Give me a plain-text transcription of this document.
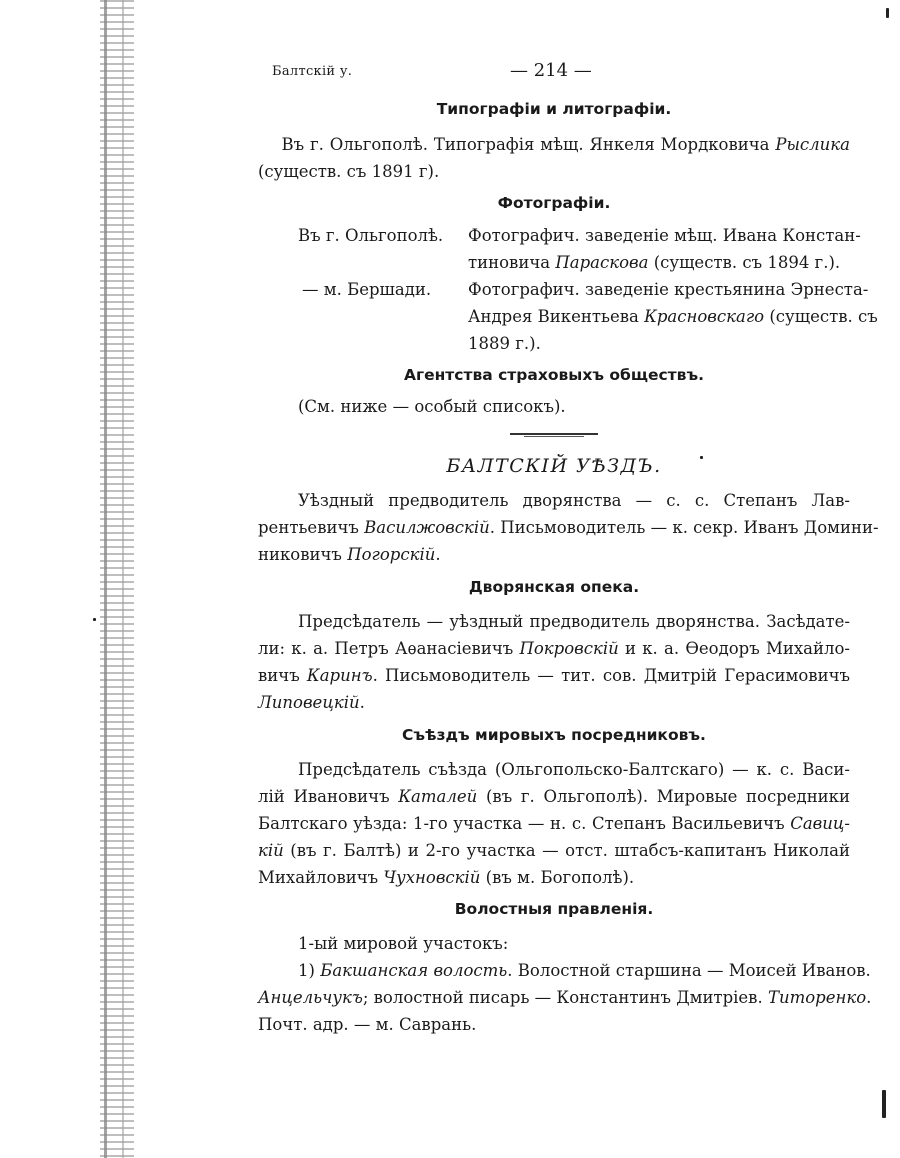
Балтскій у.	— 214 —
Типографіи и литографіи.
Въ г. Ольгополѣ. Типографія мѣщ. Янкеля Мордковича Рыслика
(существ. съ 1891 г).
Фотографіи.
Въ г. Ольгополѣ.	Фотографич. заведеніе мѣщ. Ивана Констан-
тиновича Параскова (существ. съ 1894 г.).
— м. Бершади.	Фотографич. заведеніе крестьянина Эрнеста-
Андрея Викентьева Красновскаго (существ. съ
1889 г.).
Агентства страховыхъ обществъ.
(См. ниже — особый списокъ).
БАЛТСКІЙ УѢЗДЪ.
Уѣздный предводитель дворянства — с. с. Степанъ Лав-
рентьевичъ Василжовскій. Письмоводитель — к. секр. Иванъ Домини-
никовичъ Погорскій.
Дворянская опека.
Предсѣдатель — уѣздный предводитель дворянства. Засѣдате-
ли: к. а. Петръ Аѳанасіевичъ Покровскій и к. а. Ѳеодоръ Михайло-
вичъ Каринъ. Письмоводитель — тит. сов. Дмитрій Герасимовичъ
Липовецкій.
Съѣздъ мировыхъ посредниковъ.
Предсѣдатель съѣзда (Ольгопольско-Балтскаго) — к. с. Васи-
лій Ивановичъ Каталей (въ г. Ольгополѣ). Мировые посредники
Балтскаго уѣзда: 1-го участка — н. с. Степанъ Васильевичъ Савиц-
кій (въ г. Балтѣ) и 2-го участка — отст. штабсъ-капитанъ Николай
Михайловичъ Чухновскій (въ м. Богополѣ).
Волостныя правленія.
1-ый мировой участокъ:
1) Бакшанская волость. Волостной старшина — Моисей Иванов.
Анцельчукъ; волостной писарь — Константинъ Дмитріев. Титоренко.
Почт. адр. — м. Саврань.
